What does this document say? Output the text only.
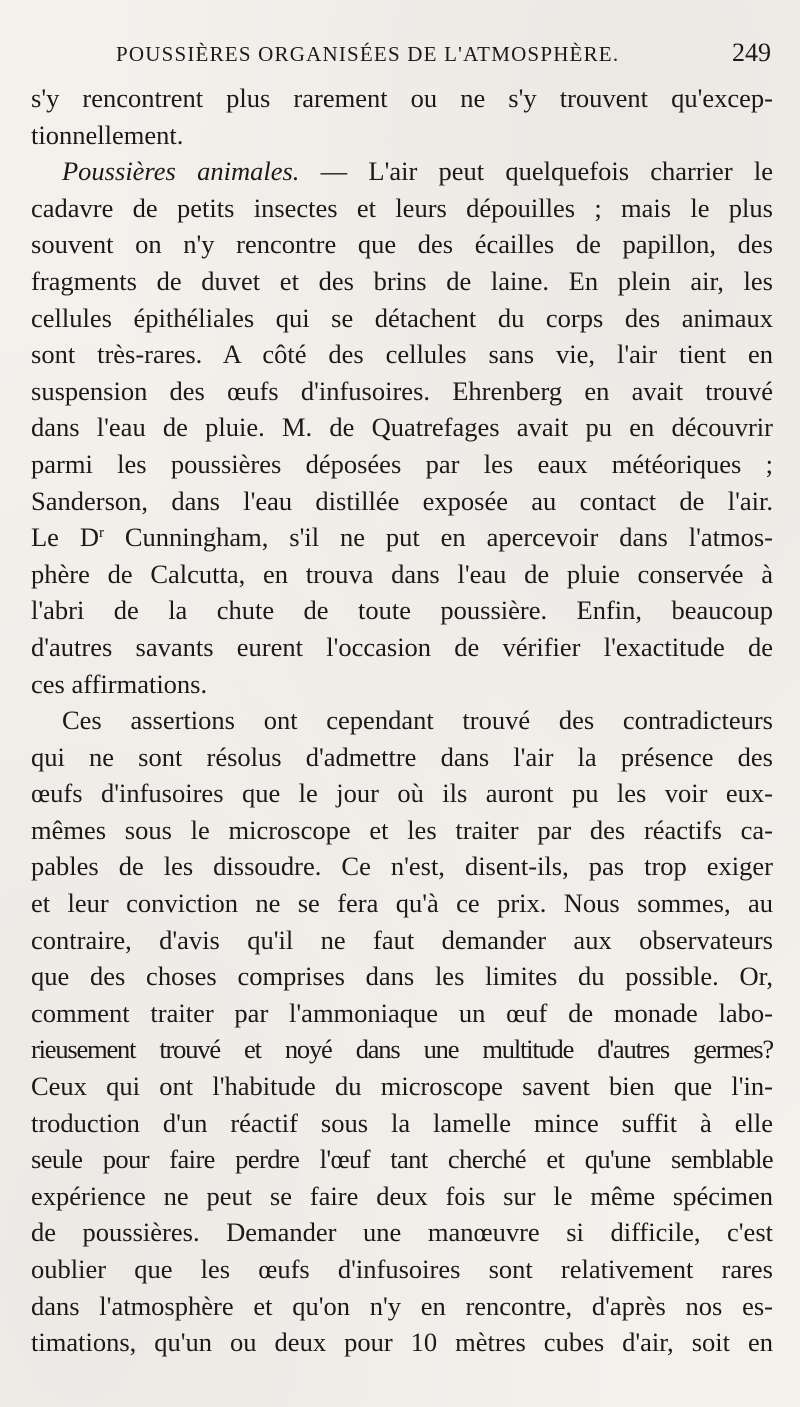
POUSSIÈRES ORGANISÉES DE L'ATMOSPHÈRE.	249
s'y rencontrent plus rarement ou ne s'y trouvent qu'excep-
tionnellement.
Poussières animales. — L'air peut quelquefois charrier le
cadavre de petits insectes et leurs dépouilles ; mais le plus
souvent on n'y rencontre que des écailles de papillon, des
fragments de duvet et des brins de laine. En plein air, les
cellules épithéliales qui se détachent du corps des animaux
sont très-rares. A côté des cellules sans vie, l'air tient en
suspension des œufs d'infusoires. Ehrenberg en avait trouvé
dans l'eau de pluie. M. de Quatrefages avait pu en découvrir
parmi les poussières déposées par les eaux météoriques ;
Sanderson, dans l'eau distillée exposée au contact de l'air.
Le $D^r$ Cunningham, s'il ne put en apercevoir dans l'atmos-
phère de Calcutta, en trouva dans l'eau de pluie conservée à
l'abri de la chute de toute poussière. Enfin, beaucoup
d'autres savants eurent l'occasion de vérifier l'exactitude de
ces affirmations.
Ces assertions ont cependant trouvé des contradicteurs
qui ne sont résolus d'admettre dans l'air la présence des
œufs d'infusoires que le jour où ils auront pu les voir eux-
mêmes sous le microscope et les traiter par des réactifs ca-
pables de les dissoudre. Ce n'est, disent-ils, pas trop exiger
et leur conviction ne se fera qu'à ce prix. Nous sommes, au
contraire, d'avis qu'il ne faut demander aux observateurs
que des choses comprises dans les limites du possible. Or,
comment traiter par l'ammoniaque un œuf de monade labo-
rieusement trouvé et noyé dans une multitude d'autres germes?
Ceux qui ont l'habitude du microscope savent bien que l'in-
troduction d'un réactif sous la lamelle mince suffit à elle
seule pour faire perdre l'œuf tant cherché et qu'une semblable
expérience ne peut se faire deux fois sur le même spécimen
de poussières. Demander une manœuvre si difficile, c'est
oublier que les œufs d'infusoires sont relativement rares
dans l'atmosphère et qu'on n'y en rencontre, d'après nos es-
timations, qu'un ou deux pour 10 mètres cubes d'air, soit en
